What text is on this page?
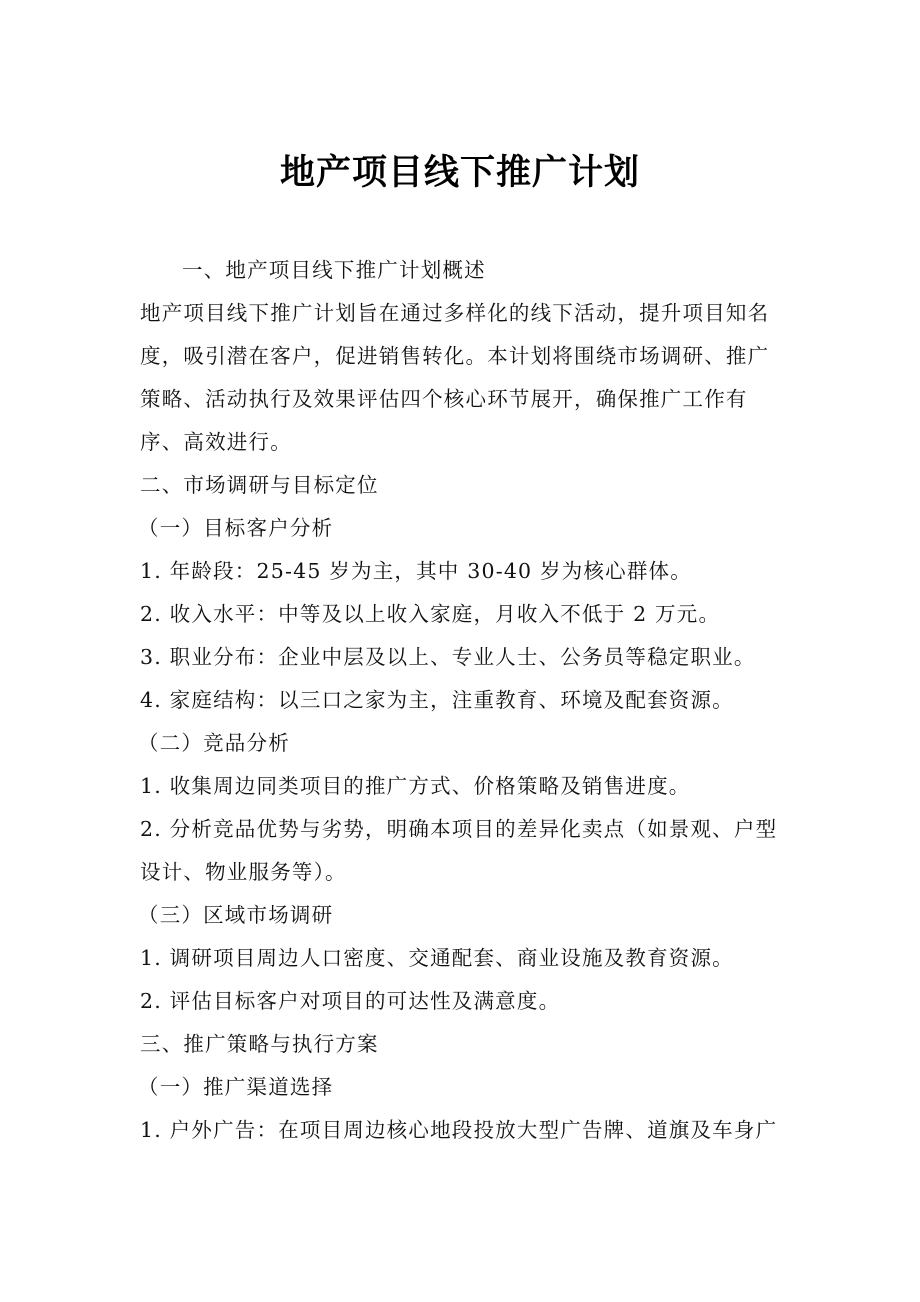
地产项目线下推广计划
一、地产项目线下推广计划概述
地产项目线下推广计划旨在通过多样化的线下活动，提升项目知名
度，吸引潜在客户，促进销售转化。本计划将围绕市场调研、推广
策略、活动执行及效果评估四个核心环节展开，确保推广工作有
序、高效进行。
二、市场调研与目标定位
（一）目标客户分析
1. 年龄段：25-45 岁为主，其中 30-40 岁为核心群体。
2. 收入水平：中等及以上收入家庭，月收入不低于 2 万元。
3. 职业分布：企业中层及以上、专业人士、公务员等稳定职业。
4. 家庭结构：以三口之家为主，注重教育、环境及配套资源。
（二）竞品分析
1. 收集周边同类项目的推广方式、价格策略及销售进度。
2. 分析竞品优势与劣势，明确本项目的差异化卖点（如景观、户型
设计、物业服务等）。
（三）区域市场调研
1. 调研项目周边人口密度、交通配套、商业设施及教育资源。
2. 评估目标客户对项目的可达性及满意度。
三、推广策略与执行方案
（一）推广渠道选择
1. 户外广告：在项目周边核心地段投放大型广告牌、道旗及车身广
